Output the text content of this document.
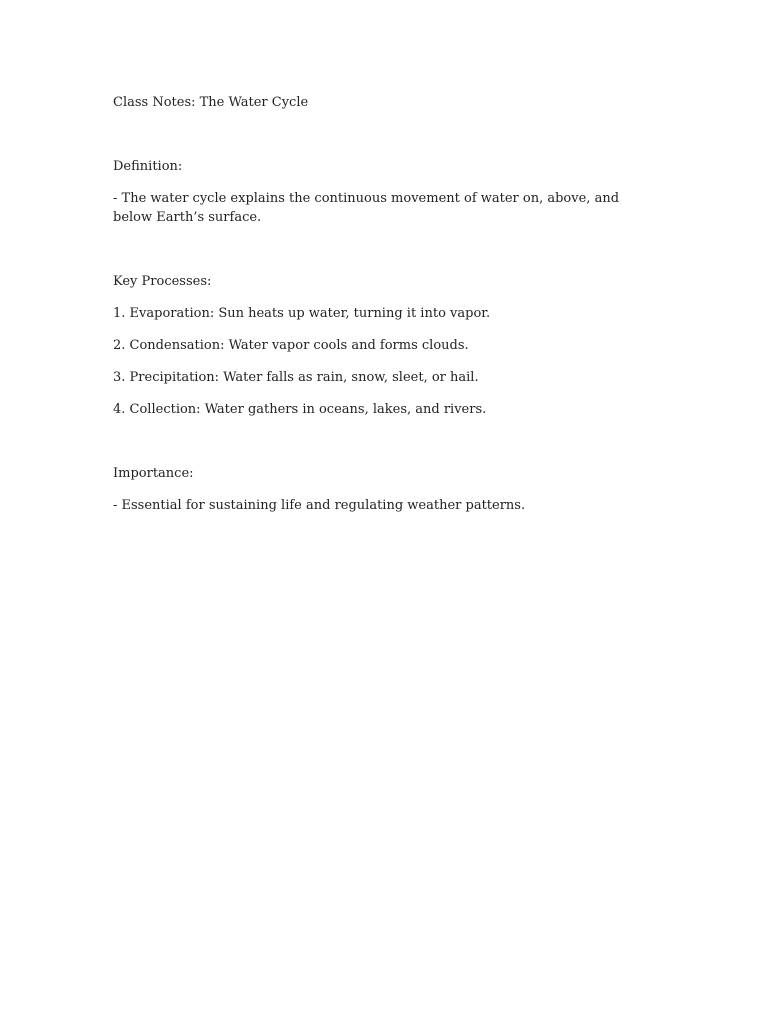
Class Notes: The Water Cycle

Definition:

- The water cycle explains the continuous movement of water on, above, and below Earth’s surface.

Key Processes:

1. Evaporation: Sun heats up water, turning it into vapor.

2. Condensation: Water vapor cools and forms clouds.

3. Precipitation: Water falls as rain, snow, sleet, or hail.

4. Collection: Water gathers in oceans, lakes, and rivers.

Importance:

- Essential for sustaining life and regulating weather patterns.
